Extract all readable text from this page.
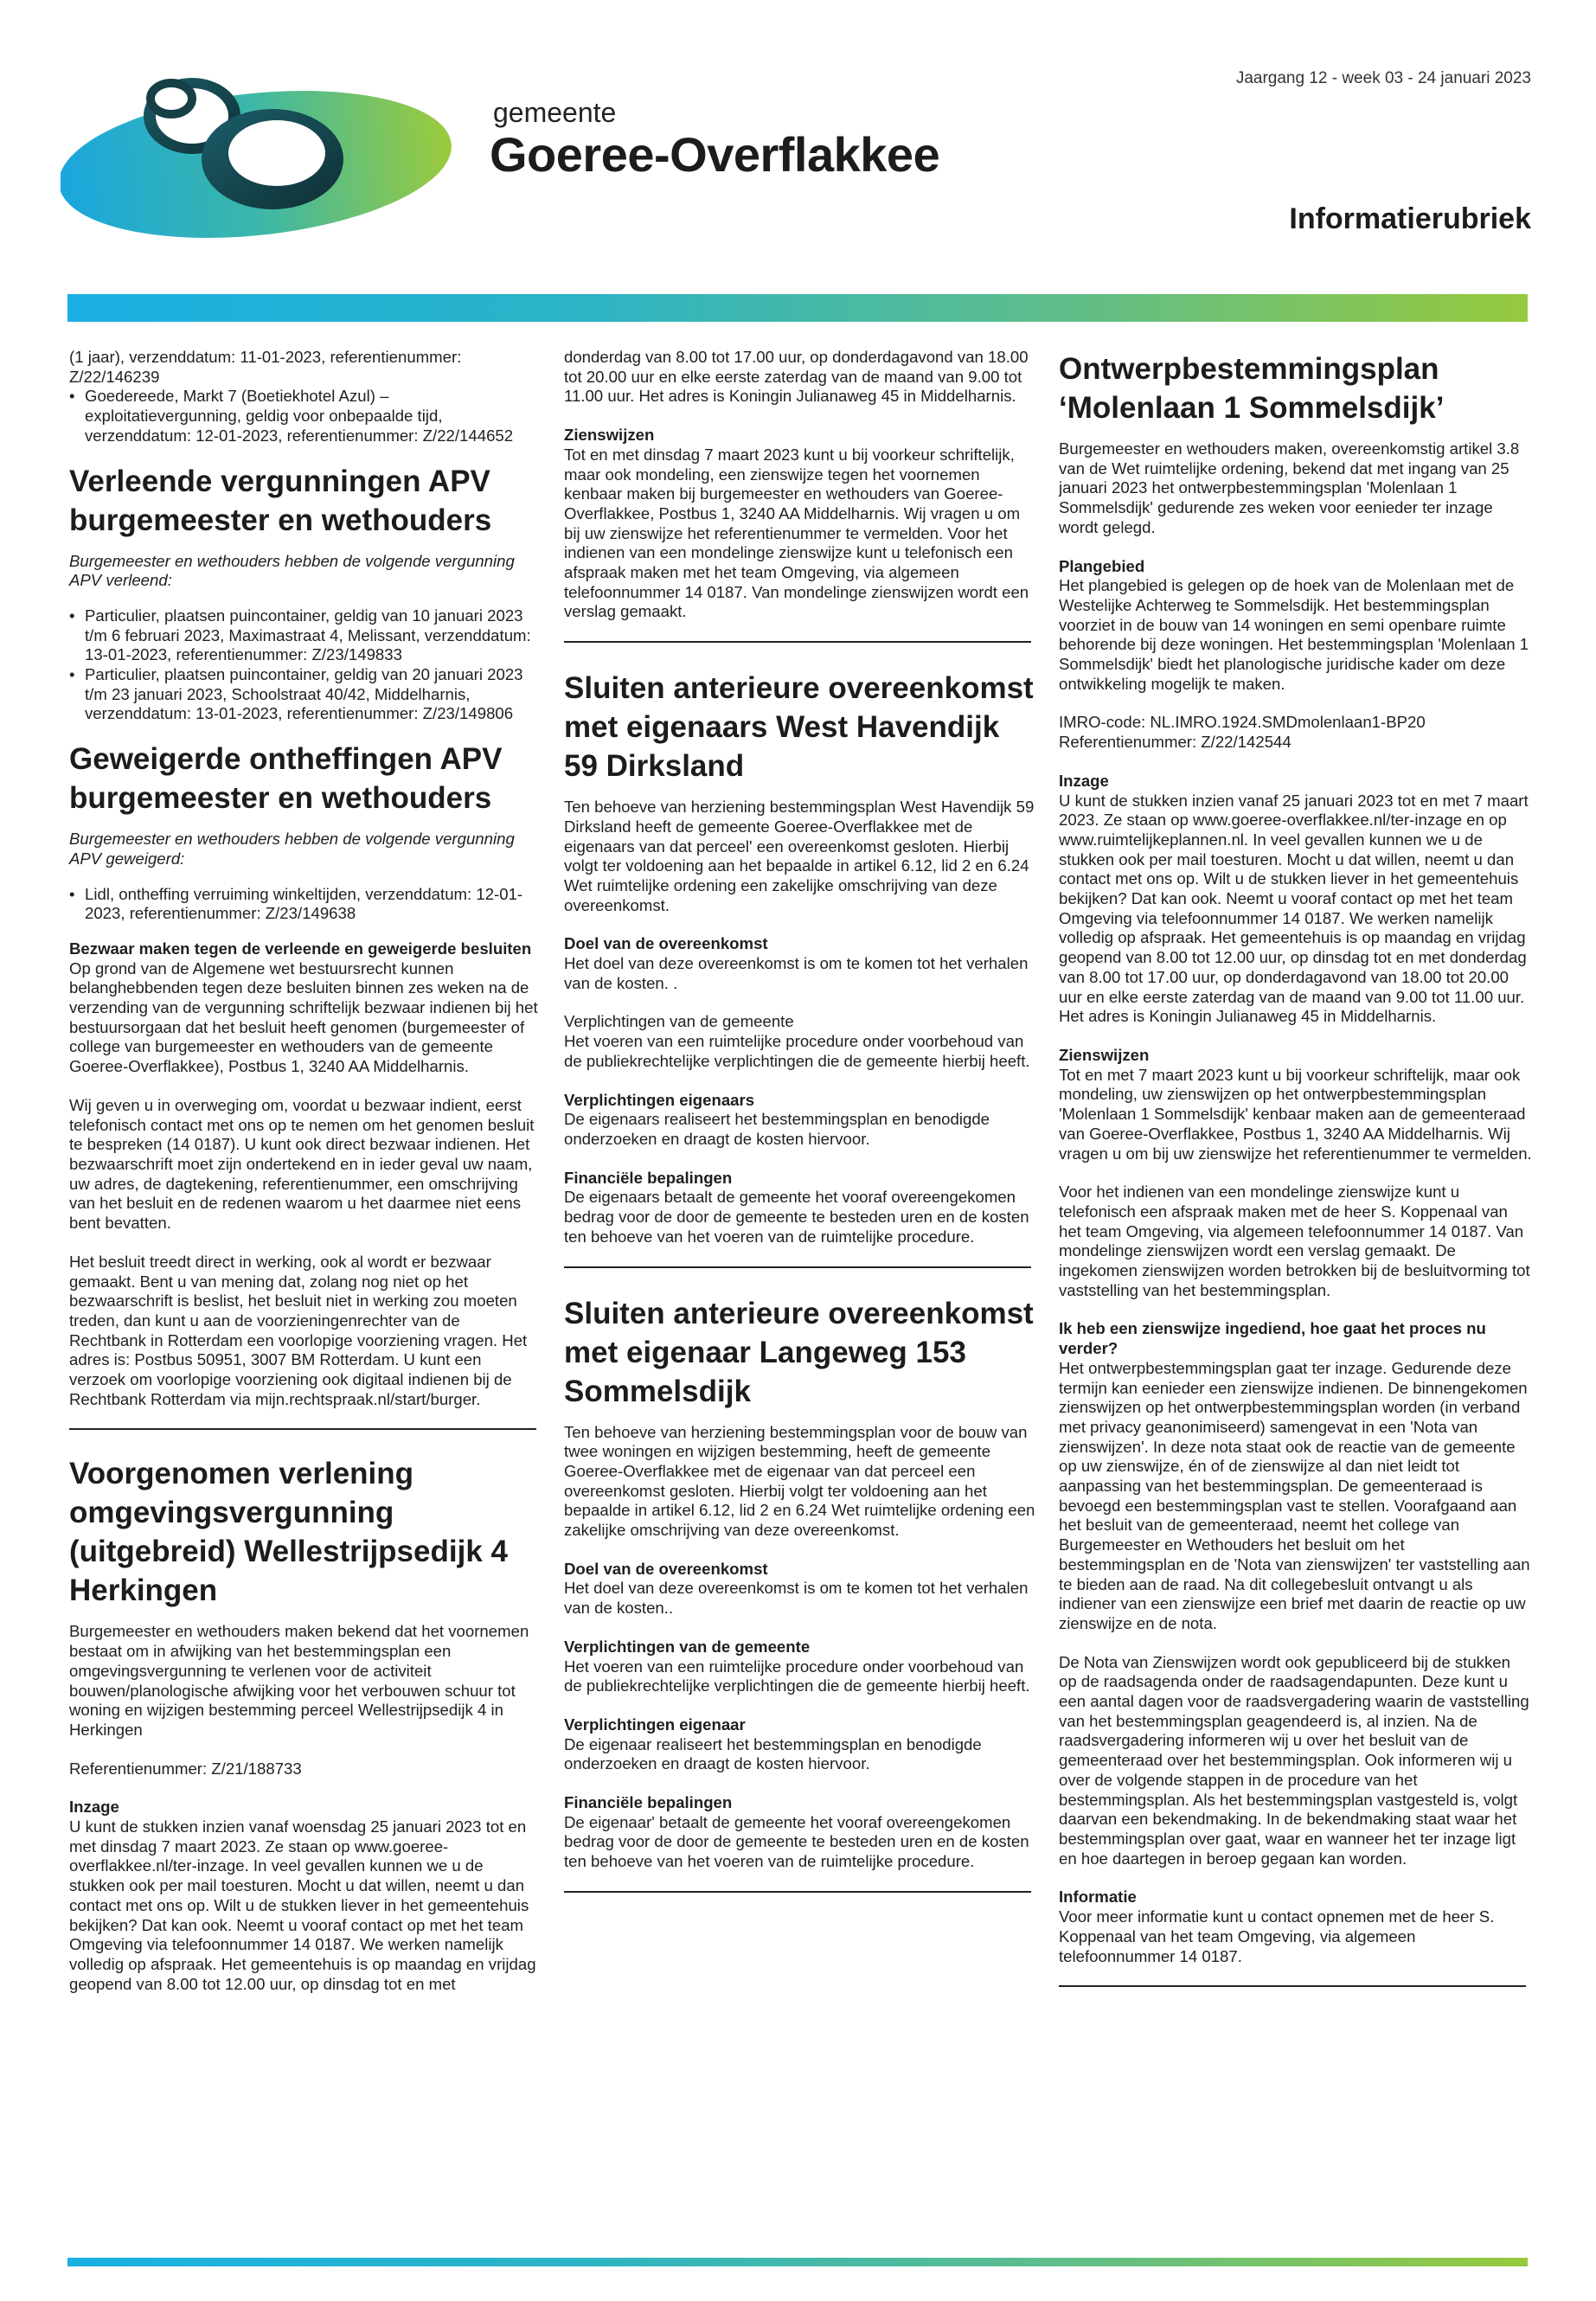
gemeente
Goeree-Overflakkee
Jaargang 12 - week 03 - 24 januari 2023
Informatierubriek

(1 jaar), verzenddatum: 11-01-2023, referentienummer: Z/22/146239

• Goedereede, Markt 7 (Boetiekhotel Azul) – exploitatievergunning, geldig voor onbepaalde tijd, verzenddatum: 12-01-2023, referentienummer: Z/22/144652
Verleende vergunningen APV burgemeester en wethouders

Burgemeester en wethouders hebben de volgende vergunning APV verleend:

• Particulier, plaatsen puincontainer, geldig van 10 januari 2023 t/m 6 februari 2023, Maximastraat 4, Melissant, verzenddatum: 13-01-2023, referentienummer: Z/23/149833
• Particulier, plaatsen puincontainer, geldig van 20 januari 2023 t/m 23 januari 2023, Schoolstraat 40/42, Middelharnis, verzenddatum: 13-01-2023, referentienummer: Z/23/149806
Geweigerde ontheffingen APV burgemeester en wethouders

Burgemeester en wethouders hebben de volgende vergunning APV geweigerd:

• Lidl, ontheffing verruiming winkeltijden, verzenddatum: 12-01-2023, referentienummer: Z/23/149638
Bezwaar maken tegen de verleende en geweigerde besluiten
Op grond van de Algemene wet bestuursrecht kunnen belanghebbenden tegen deze besluiten binnen zes weken na de verzending van de vergunning schriftelijk bezwaar indienen bij het bestuursorgaan dat het besluit heeft genomen (burgemeester of college van burgemeester en wethouders van de gemeente Goeree-Overflakkee), Postbus 1, 3240 AA Middelharnis.

Wij geven u in overweging om, voordat u bezwaar indient, eerst telefonisch contact met ons op te nemen om het genomen besluit te bespreken (14 0187). U kunt ook direct bezwaar indienen. Het bezwaarschrift moet zijn ondertekend en in ieder geval uw naam, uw adres, de dagtekening, referentienummer, een omschrijving van het besluit en de redenen waarom u het daarmee niet eens bent bevatten.

Het besluit treedt direct in werking, ook al wordt er bezwaar gemaakt. Bent u van mening dat, zolang nog niet op het bezwaarschrift is beslist, het besluit niet in werking zou moeten treden, dan kunt u aan de voorzieningenrechter van de Rechtbank in Rotterdam een voorlopige voorziening vragen. Het adres is: Postbus 50951, 3007 BM Rotterdam. U kunt een verzoek om voorlopige voorziening ook digitaal indienen bij de Rechtbank Rotterdam via mijn.rechtspraak.nl/start/burger.

Voorgenomen verlening omgevingsvergunning (uitgebreid) Wellestrijpsedijk 4 Herkingen

Burgemeester en wethouders maken bekend dat het voornemen bestaat om in afwijking van het bestemmingsplan een omgevingsvergunning te verlenen voor de activiteit bouwen/planologische afwijking voor het verbouwen schuur tot woning en wijzigen bestemming perceel Wellestrijpsedijk 4 in Herkingen

Referentienummer: Z/21/188733

Inzage
U kunt de stukken inzien vanaf woensdag 25 januari 2023 tot en met dinsdag 7 maart 2023. Ze staan op www.goeree-overflakkee.nl/ter-inzage. In veel gevallen kunnen we u de stukken ook per mail toesturen. Mocht u dat willen, neemt u dan contact met ons op. Wilt u de stukken liever in het gemeentehuis bekijken? Dat kan ook. Neemt u vooraf contact op met het team Omgeving via telefoonnummer 14 0187. We werken namelijk volledig op afspraak. Het gemeentehuis is op maandag en vrijdag geopend van 8.00 tot 12.00 uur, op dinsdag tot en met

donderdag van 8.00 tot 17.00 uur, op donderdagavond van 18.00 tot 20.00 uur en elke eerste zaterdag van de maand van 9.00 tot 11.00 uur. Het adres is Koningin Julianaweg 45 in Middelharnis.

Zienswijzen
Tot en met dinsdag 7 maart 2023 kunt u bij voorkeur schriftelijk, maar ook mondeling, een zienswijze tegen het voornemen kenbaar maken bij burgemeester en wethouders van Goeree-Overflakkee, Postbus 1, 3240 AA Middelharnis. Wij vragen u om bij uw zienswijze het referentienummer te vermelden. Voor het indienen van een mondelinge zienswijze kunt u telefonisch een afspraak maken met het team Omgeving, via algemeen telefoonnummer 14 0187. Van mondelinge zienswijzen wordt een verslag gemaakt.
Sluiten anterieure overeenkomst met eigenaars West Havendijk 59 Dirksland

Ten behoeve van herziening bestemmingsplan West Havendijk 59 Dirksland heeft de gemeente Goeree-Overflakkee met de eigenaars van dat perceel' een overeenkomst gesloten. Hierbij volgt ter voldoening aan het bepaalde in artikel 6.12, lid 2 en 6.24 Wet ruimtelijke ordening een zakelijke omschrijving van deze overeenkomst.

Doel van de overeenkomst
Het doel van deze overeenkomst is om te komen tot het verhalen van de kosten. .
Verplichtingen van de gemeente
Het voeren van een ruimtelijke procedure onder voorbehoud van de publiekrechtelijke verplichtingen die de gemeente hierbij heeft.
Verplichtingen eigenaars
De eigenaars realiseert het bestemmingsplan en benodigde onderzoeken en draagt de kosten hiervoor.
Financiële bepalingen
De eigenaars betaalt de gemeente het vooraf overeengekomen bedrag voor de door de gemeente te besteden uren en de kosten ten behoeve van het voeren van de ruimtelijke procedure.
Sluiten anterieure overeenkomst met eigenaar Langeweg 153 Sommelsdijk

Ten behoeve van herziening bestemmingsplan voor de bouw van twee woningen en wijzigen bestemming, heeft de gemeente Goeree-Overflakkee met de eigenaar van dat perceel een overeenkomst gesloten. Hierbij volgt ter voldoening aan het bepaalde in artikel 6.12, lid 2 en 6.24 Wet ruimtelijke ordening een zakelijke omschrijving van deze overeenkomst.

Doel van de overeenkomst
Het doel van deze overeenkomst is om te komen tot het verhalen van de kosten..
Verplichtingen van de gemeente
Het voeren van een ruimtelijke procedure onder voorbehoud van de publiekrechtelijke verplichtingen die de gemeente hierbij heeft.
Verplichtingen eigenaar
De eigenaar realiseert het bestemmingsplan en benodigde onderzoeken en draagt de kosten hiervoor.
Financiële bepalingen
De eigenaar' betaalt de gemeente het vooraf overeengekomen bedrag voor de door de gemeente te besteden uren en de kosten ten behoeve van het voeren van de ruimtelijke procedure.
Ontwerpbestemmingsplan ‘Molenlaan 1 Sommelsdijk’

Burgemeester en wethouders maken, overeenkomstig artikel 3.8 van de Wet ruimtelijke ordening, bekend dat met ingang van 25 januari 2023 het ontwerpbestemmingsplan 'Molenlaan 1 Sommelsdijk' gedurende zes weken voor eenieder ter inzage wordt gelegd.

Plangebied
Het plangebied is gelegen op de hoek van de Molenlaan met de Westelijke Achterweg te Sommelsdijk. Het bestemmingsplan voorziet in de bouw van 14 woningen en semi openbare ruimte behorende bij deze woningen. Het bestemmingsplan 'Molenlaan 1 Sommelsdijk' biedt het planologische juridische kader om deze ontwikkeling mogelijk te maken.

IMRO-code: NL.IMRO.1924.SMDmolenlaan1-BP20

Referentienummer: Z/22/142544

Inzage
U kunt de stukken inzien vanaf 25 januari 2023 tot en met 7 maart 2023. Ze staan op www.goeree-overflakkee.nl/ter-inzage en op www.ruimtelijkeplannen.nl. In veel gevallen kunnen we u de stukken ook per mail toesturen. Mocht u dat willen, neemt u dan contact met ons op. Wilt u de stukken liever in het gemeentehuis bekijken? Dat kan ook. Neemt u vooraf contact op met het team Omgeving via telefoonnummer 14 0187. We werken namelijk volledig op afspraak. Het gemeentehuis is op maandag en vrijdag geopend van 8.00 tot 12.00 uur, op dinsdag tot en met donderdag van 8.00 tot 17.00 uur, op donderdagavond van 18.00 tot 20.00 uur en elke eerste zaterdag van de maand van 9.00 tot 11.00 uur. Het adres is Koningin Julianaweg 45 in Middelharnis.
Zienswijzen
Tot en met 7 maart 2023 kunt u bij voorkeur schriftelijk, maar ook mondeling, uw zienswijzen op het ontwerpbestemmingsplan 'Molenlaan 1 Sommelsdijk' kenbaar maken aan de gemeenteraad van Goeree-Overflakkee, Postbus 1, 3240 AA Middelharnis. Wij vragen u om bij uw zienswijze het referentienummer te vermelden.

Voor het indienen van een mondelinge zienswijze kunt u telefonisch een afspraak maken met de heer S. Koppenaal van het team Omgeving, via algemeen telefoonnummer 14 0187. Van mondelinge zienswijzen wordt een verslag gemaakt. De ingekomen zienswijzen worden betrokken bij de besluitvorming tot vaststelling van het bestemmingsplan.

Ik heb een zienswijze ingediend, hoe gaat het proces nu verder?
Het ontwerpbestemmingsplan gaat ter inzage. Gedurende deze termijn kan eenieder een zienswijze indienen. De binnengekomen zienswijzen op het ontwerpbestemmingsplan worden (in verband met privacy geanonimiseerd) samengevat in een 'Nota van zienswijzen'. In deze nota staat ook de reactie van de gemeente op uw zienswijze, én of de zienswijze al dan niet leidt tot aanpassing van het bestemmingsplan. De gemeenteraad is bevoegd een bestemmingsplan vast te stellen. Voorafgaand aan het besluit van de gemeenteraad, neemt het college van Burgemeester en Wethouders het besluit om het bestemmingsplan en de 'Nota van zienswijzen' ter vaststelling aan te bieden aan de raad. Na dit collegebesluit ontvangt u als indiener van een zienswijze een brief met daarin de reactie op uw zienswijze en de nota.

De Nota van Zienswijzen wordt ook gepubliceerd bij de stukken op de raadsagenda onder de raadsagendapunten. Deze kunt u een aantal dagen voor de raadsvergadering waarin de vaststelling van het bestemmingsplan geagendeerd is, al inzien. Na de raadsvergadering informeren wij u over het besluit van de gemeenteraad over het bestemmingsplan. Ook informeren wij u over de volgende stappen in de procedure van het bestemmingsplan. Als het bestemmingsplan vastgesteld is, volgt daarvan een bekendmaking. In de bekendmaking staat waar het bestemmingsplan over gaat, waar en wanneer het ter inzage ligt en hoe daartegen in beroep gegaan kan worden.

Informatie
Voor meer informatie kunt u contact opnemen met de heer S. Koppenaal van het team Omgeving, via algemeen telefoonnummer 14 0187.
